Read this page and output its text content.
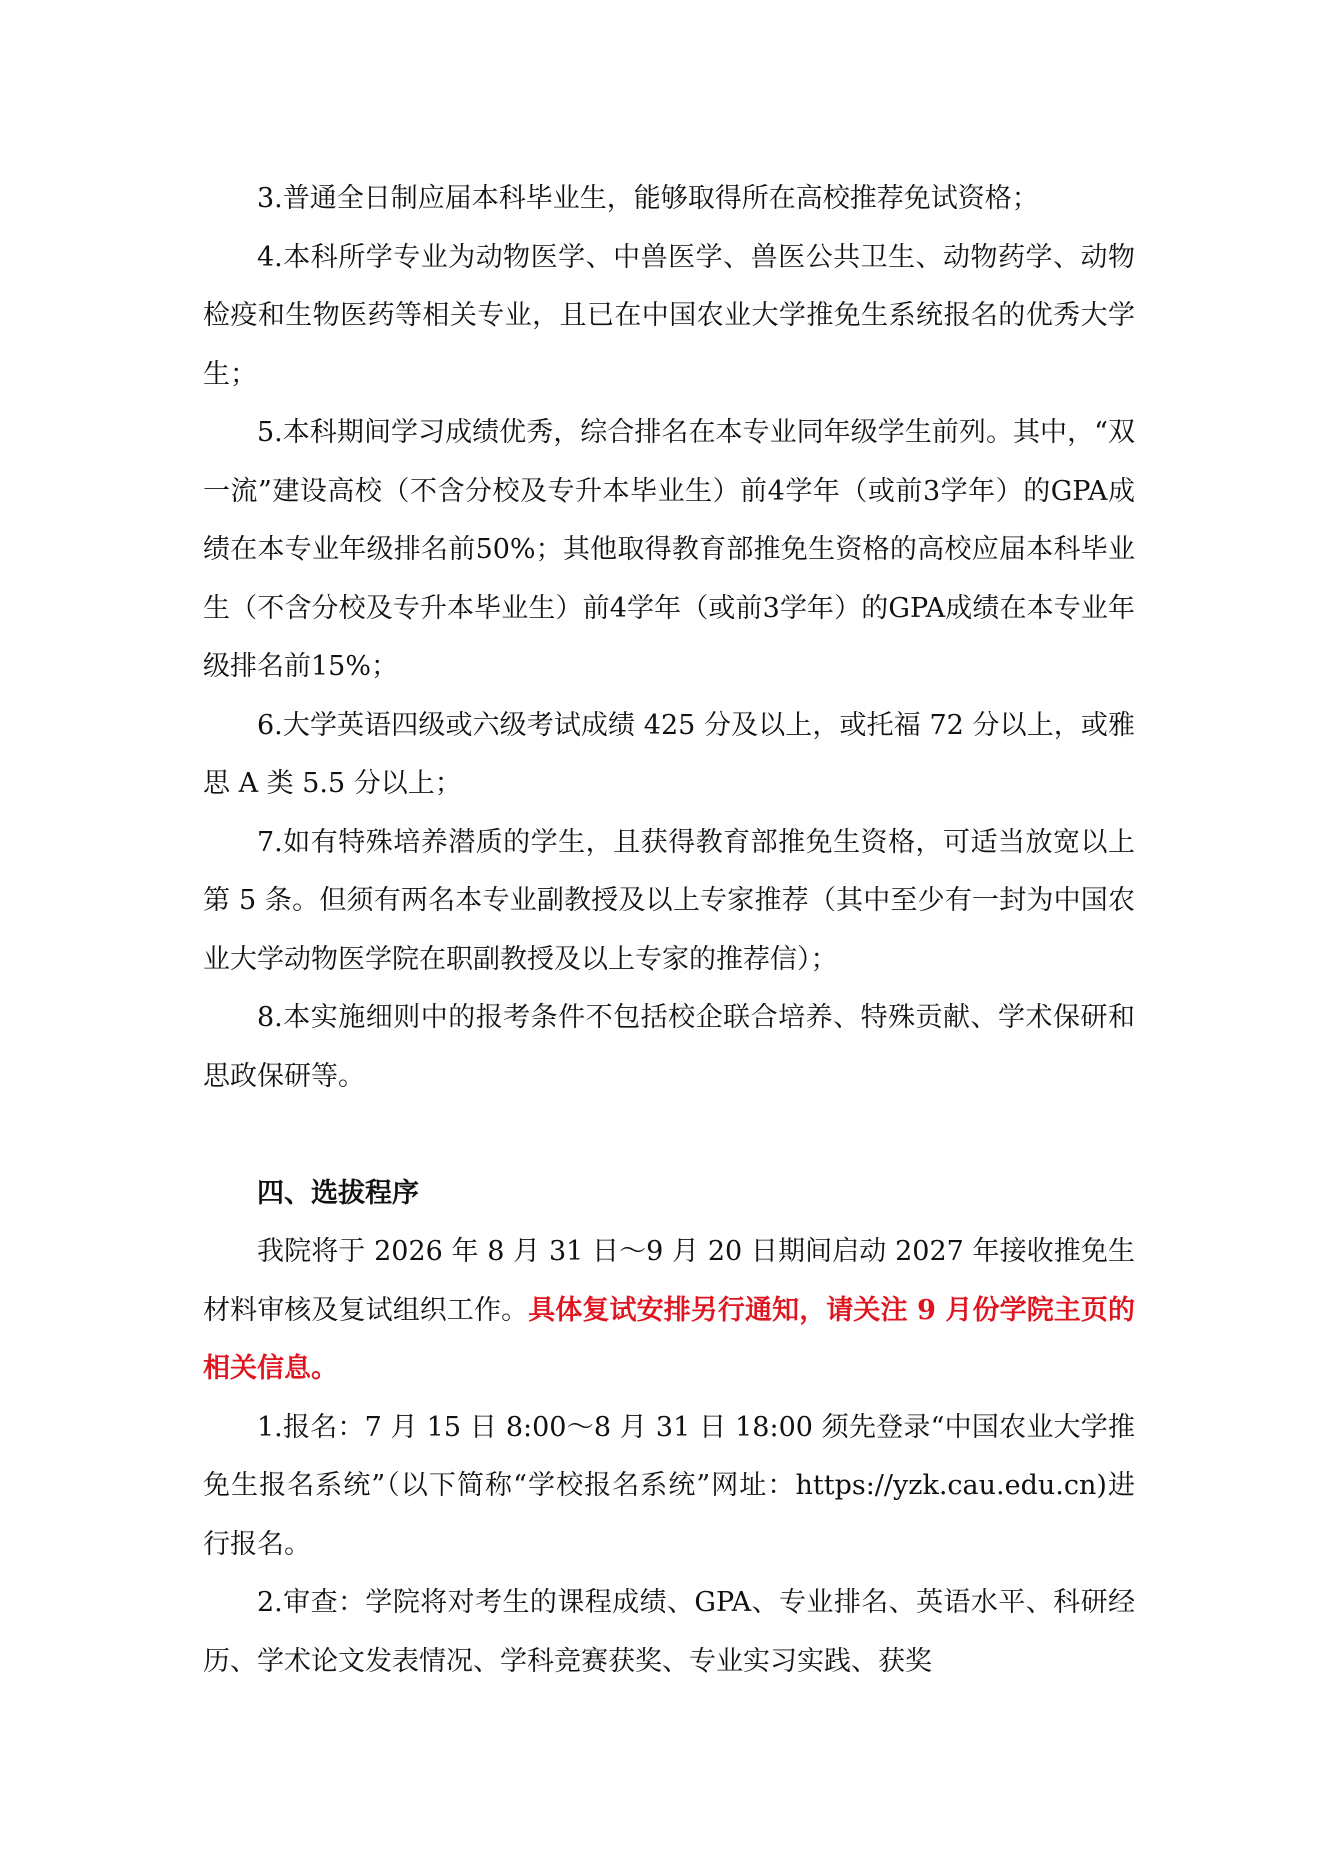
3.普通全日制应届本科毕业生，能够取得所在高校推荐免试资格；

4.本科所学专业为动物医学、中兽医学、兽医公共卫生、动物药学、动物检疫和生物医药等相关专业，且已在中国农业大学推免生系统报名的优秀大学生；

5.本科期间学习成绩优秀，综合排名在本专业同年级学生前列。其中，“双一流”建设高校（不含分校及专升本毕业生）前4学年（或前3学年）的GPA成绩在本专业年级排名前50%；其他取得教育部推免生资格的高校应届本科毕业生（不含分校及专升本毕业生）前4学年（或前3学年）的GPA成绩在本专业年级排名前15%；

6.大学英语四级或六级考试成绩 425 分及以上，或托福 72 分以上，或雅思 A 类 5.5 分以上；

7.如有特殊培养潜质的学生，且获得教育部推免生资格，可适当放宽以上第 5 条。但须有两名本专业副教授及以上专家推荐（其中至少有一封为中国农业大学动物医学院在职副教授及以上专家的推荐信）；

8.本实施细则中的报考条件不包括校企联合培养、特殊贡献、学术保研和思政保研等。

四、选拔程序

我院将于 2026 年 8 月 31 日～9 月 20 日期间启动 2027 年接收推免生材料审核及复试组织工作。具体复试安排另行通知，请关注 9 月份学院主页的相关信息。

1.报名：7 月 15 日 8:00～8 月 31 日 18:00 须先登录“中国农业大学推免生报名系统”（以下简称“学校报名系统”网址：https://yzk.cau.edu.cn)进行报名。

2.审查：学院将对考生的课程成绩、GPA、专业排名、英语水平、科研经历、学术论文发表情况、学科竞赛获奖、专业实习实践、获奖
